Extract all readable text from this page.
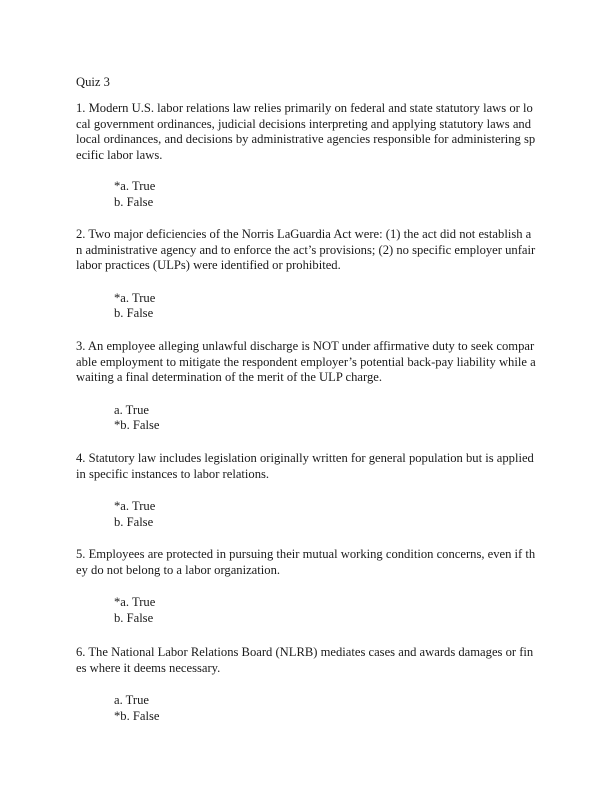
Quiz 3

1. Modern U.S. labor relations law relies primarily on federal and state statutory laws or local government ordinances, judicial decisions interpreting and applying statutory laws and local ordinances, and decisions by administrative agencies responsible for administering specific labor laws.

*a. True
b. False

2. Two major deficiencies of the Norris LaGuardia Act were: (1) the act did not establish an administrative agency and to enforce the act’s provisions; (2) no specific employer unfair labor practices (ULPs) were identified or prohibited.

*a. True
b. False

3. An employee alleging unlawful discharge is NOT under affirmative duty to seek comparable employment to mitigate the respondent employer’s potential back-pay liability while awaiting a final determination of the merit of the ULP charge.

a. True
*b. False

4. Statutory law includes legislation originally written for general population but is applied in specific instances to labor relations.

*a. True
b. False

5. Employees are protected in pursuing their mutual working condition concerns, even if they do not belong to a labor organization.

*a. True
b. False

6. The National Labor Relations Board (NLRB) mediates cases and awards damages or fines where it deems necessary.

a. True
*b. False
